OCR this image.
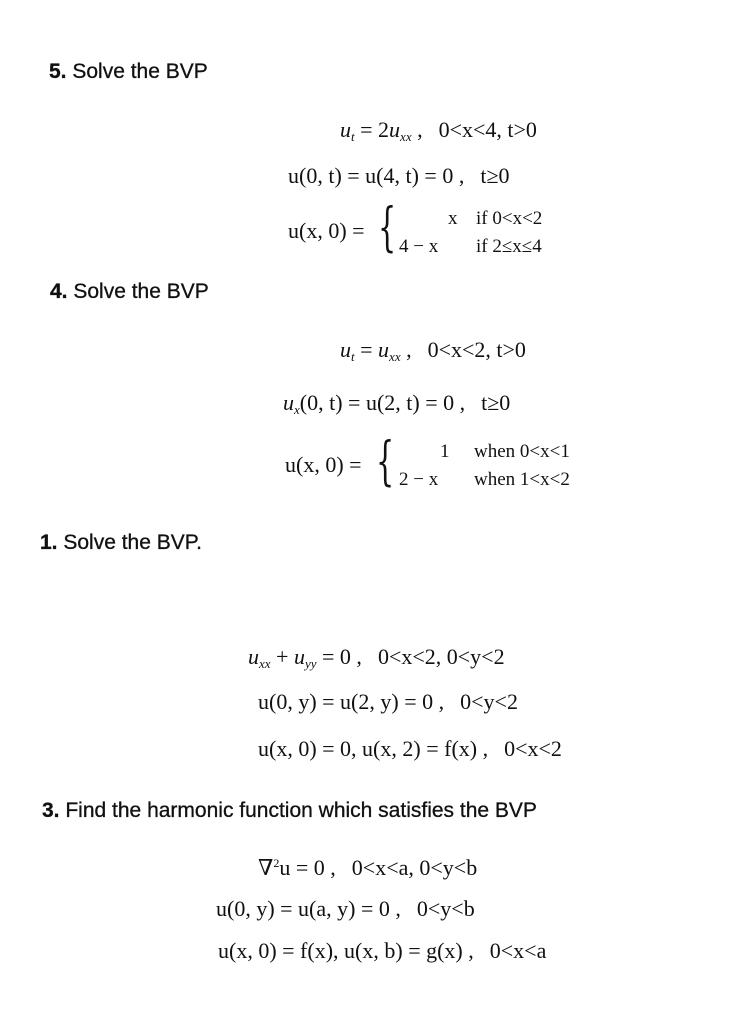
5. Solve the BVP
$u_t = 2u_{xx}$ , 0<x<4, t>0
u(0, t) = u(4, t) = 0 , t≥0
u(x, 0) = {	x if 0<x<2
4 − x if 2≤x≤4
4. Solve the BVP
$u_t = u_{xx}$ , 0<x<2, t>0
$u_x(0$, t) = u(2, t) = 0 , t≥0
u(x, 0) = { 1 when 0<x<1
2 − x when 1<x<2
1. Solve the BVP.
$u_{xx} + u_{yy} = 0$ , 0<x<2, 0<y<2
u(0, y) = u(2, y) = 0 , 0<y<2
u(x, 0) = 0, u(x, 2) = f(x) , 0<x<2
3. Find the harmonic function which satisfies the BVP
∇$^2$u = 0 , 0<x<a, 0<y<b
u(0, y) = u(a, y) = 0 , 0<y<b
u(x, 0) = f(x), u(x, b) = g(x) , 0<x<a
